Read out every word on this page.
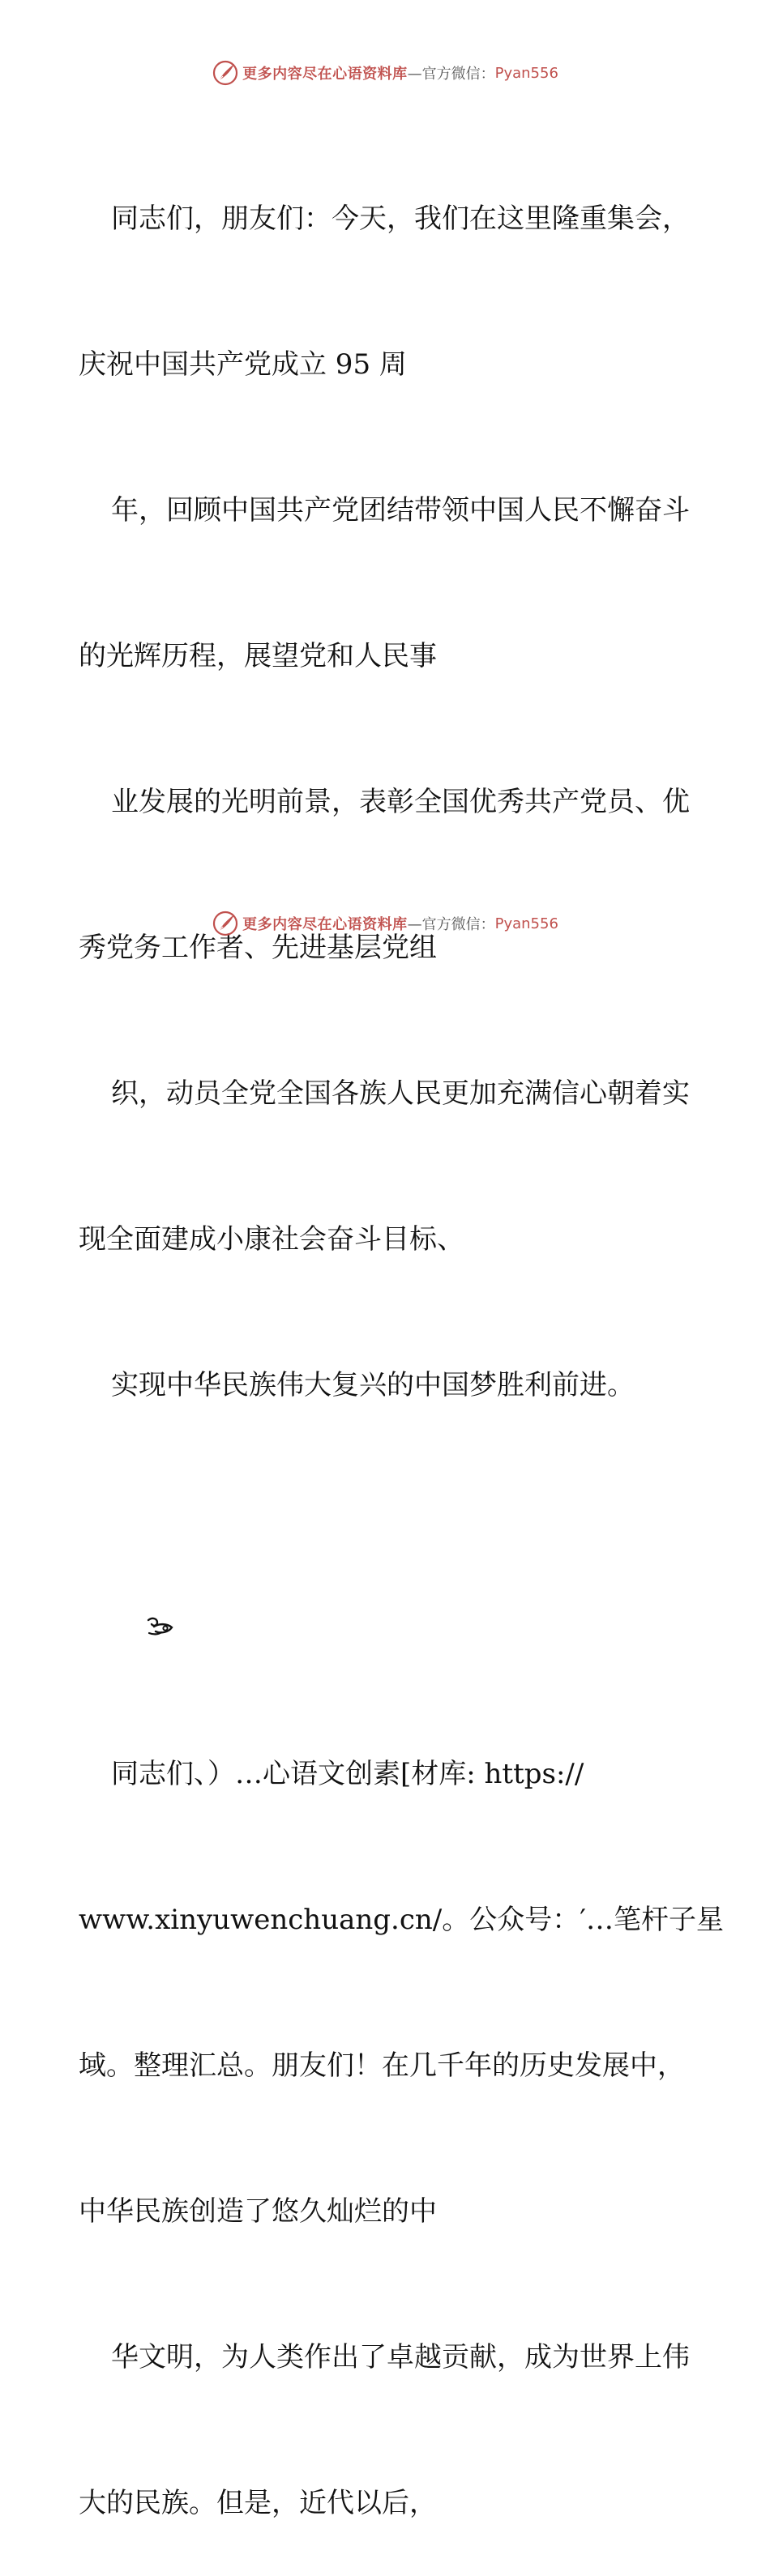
更多内容尽在心语资料库 —官方微信： Pyan556

同志们，朋友们：今天，我们在这里隆重集会，

庆祝中国共产党成立 95 周

年，回顾中国共产党团结带领中国人民不懈奋斗

的光辉历程，展望党和人民事

业发展的光明前景，表彰全国优秀共产党员、优

秀党务工作者、先进基层党组

织，动员全党全国各族人民更加充满信心朝着实

现全面建成小康社会奋斗目标、

实现中华民族伟大复兴的中国梦胜利前进。

同志们、）…心语文创素[材库: https://

www.xinyuwenchuang.cn/。公众号：′…笔杆子星

域。整理汇总。朋友们！在几千年的历史发展中，

中华民族创造了悠久灿烂的中

华文明，为人类作出了卓越贡献，成为世界上伟

大的民族。但是，近代以后，

更多内容尽在心语资料库 —官方微信： Pyan556
